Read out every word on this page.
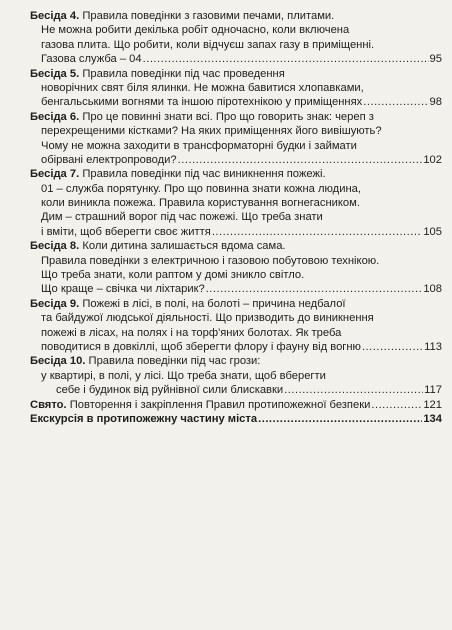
Бесіда 4. Правила поведінки з газовими печами, плитами.
Не можна робити декілька робіт одночасно, коли включена
газова плита. Що робити, коли відчуєш запах газу в приміщенні.
Газова служба – 04 .....	95
Бесіда 5. Правила поведінки під час проведення
новорічних свят біля ялинки. Не можна бавитися хлопавками,
бенгальськими вогнями та іншою піротехнікою у приміщеннях .....	98
Бесіда 6. Про це повинні знати всі. Про що говорить знак: череп з
перехрещеними кістками? На яких приміщеннях його вивішують?
Чому не можна заходити в трансформаторні будки і займати
обірвані електропроводи? .....	102
Бесіда 7. Правила поведінки під час виникнення пожежі.
01 – служба порятунку. Про що повинна знати кожна людина,
коли виникла пожежа. Правила користування вогнегасником.
Дим – страшний ворог під час пожежі. Що треба знати
і вміти, щоб вберегти своє життя .....	105
Бесіда 8. Коли дитина залишається вдома сама.
Правила поведінки з електричною і газовою побутовою технікою.
Що треба знати, коли раптом у домі зникло світло.
Що краще – свічка чи ліхтарик? .....	108
Бесіда 9. Пожежі в лісі, в полі, на болоті – причина недбалої
та байдужої людської діяльності. Що призводить до виникнення
пожежі в лісах, на полях і на торф'яних болотах. Як треба
поводитися в довкіллі, щоб зберегти флору і фауну від вогню .....	113
Бесіда 10. Правила поведінки під час грози:
у квартирі, в полі, у лісі. Що треба знати, щоб вберегти
себе і будинок від руйнівної сили блискавки .....	117
Свято. Повторення і закріплення Правил протипожежної безпеки .....	121
Екскурсія в протипожежну частину міста .....	134
